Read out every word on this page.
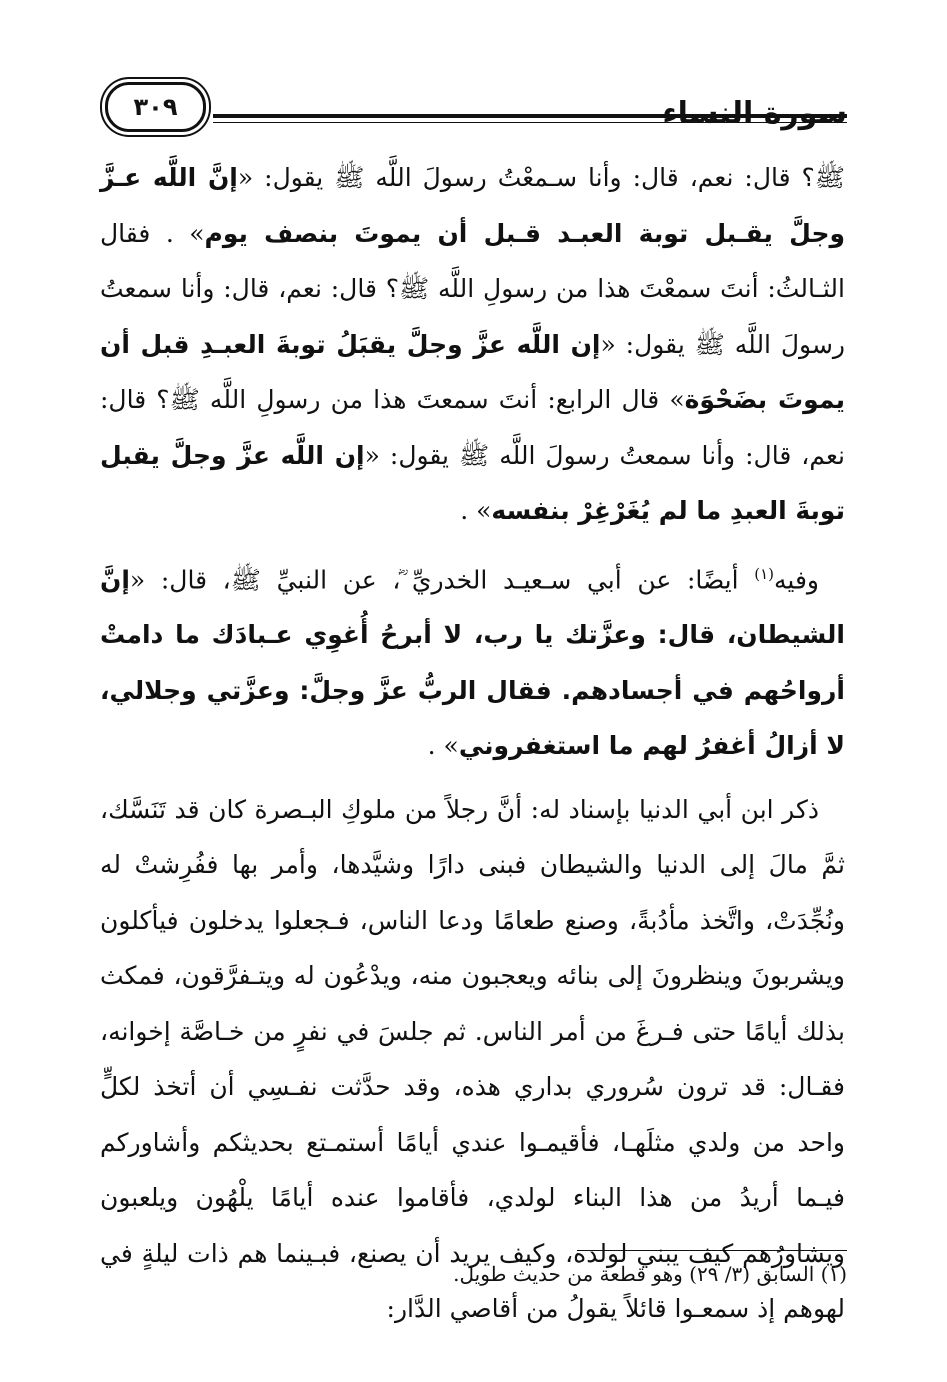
٣٠٩	سورة النساء

ﷺ؟ قال: نعم، قال: وأنا سـمعْتُ رسولَ اللَّه ﷺ يقول: «إنَّ اللَّه عـزَّ وجلَّ يقـبل توبة العبـد قـبل أن يموتَ بنصف يوم» . فقال الثـالثُ: أنتَ سمعْتَ هذا من رسولِ اللَّه ﷺ؟ قال: نعم، قال: وأنا سمعتُ رسولَ اللَّه ﷺ يقول: «إن اللَّه عزَّ وجلَّ يقبَلُ توبةَ العبـدِ قبل أن يموتَ بضَحْوَة» قال الرابع: أنتَ سمعتَ هذا من رسولِ اللَّه ﷺ؟ قال: نعم، قال: وأنا سمعتُ رسولَ اللَّه ﷺ يقول: «إن اللَّه عزَّ وجلَّ يقبل توبةَ العبدِ ما لم يُغَرْغِرْ بنفسه» .

وفيه$^{(١)}$ أيضًا: عن أبي سـعيـد الخدريِّ ؓ، عن النبيِّ ﷺ، قال: «إنَّ الشيطان، قال: وعزَّتك يا رب، لا أبرحُ أُغوِي عـبادَك ما دامتْ أرواحُهم في أجسادهم. فقال الربُّ عزَّ وجلَّ: وعزَّتي وجلالي، لا أزالُ أغفرُ لهم ما استغفروني» .

ذكر ابن أبي الدنيا بإسناد له: أنَّ رجلاً من ملوكِ البـصرة كان قد تَنَسَّك، ثمَّ مالَ إلى الدنيا والشيطان فبنى دارًا وشيَّدها، وأمر بها ففُرِشتْ له ونُجِّدَتْ، واتَّخذ مأدُبةً، وصنع طعامًا ودعا الناس، فـجعلوا يدخلون فيأكلون ويشربونَ وينظرونَ إلى بنائه ويعجبون منه، ويدْعُون له ويتـفرَّقون، فمكث بذلك أيامًا حتى فـرغَ من أمر الناس. ثم جلسَ في نفرٍ من خـاصَّة إخوانه، فقـال: قد ترون سُروري بداري هذه، وقد حدَّثت نفـسِي أن أتخذ لكلٍّ واحد من ولدي مثلَهـا، فأقيمـوا عندي أيامًا أستمـتع بحديثكم وأشاوركم فيـما أريدُ من هذا البناء لولدي، فأقاموا عنده أيامًا يلْهُون ويلعبون ويشاورُهم كيف يبني لولده، وكيف يريد أن يصنع، فبـينما هم ذات ليلةٍ في لهوهم إذ سمعـوا قائلاً يقولُ من أقاصي الدَّار:

(١) السابق (٣/ ٢٩) وهو قطعة من حديث طويل.
